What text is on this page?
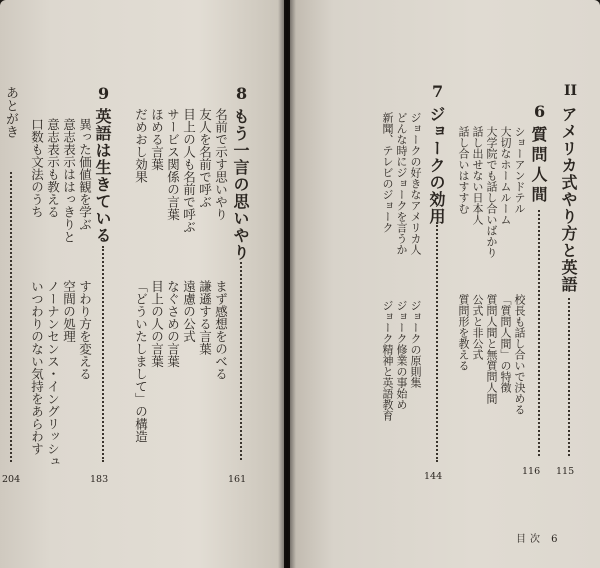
8
もう一言の思いやり
161
名前で示す思いやり
友人を名前で呼ぶ
目上の人も名前で呼ぶ
サービス関係の言葉
ほめる言葉
だめおし効果
まず感想をのべる
謙遜する言葉
遠慮の公式
なぐさめの言葉
目上の人の言葉
「どういたしまして」の構造
9
英語は生きている
183
異った価値観を学ぶ
意志表示ははっきりと
意志表示も教える
口数も文法のうち
すわり方を変える
空間の処理
ノーナンセンス・イングリッシュ
いつわりのない気持をあらわす
あとがき
204
II
アメリカ式やり方と英語
115
6
質問人間
116
ショーアンドテル
大切なホームルーム
大学院でも話し合いばかり
話し出せない日本人
話し合いはすすむ
校長も話し合いで決める
「質問人間」の特徴
質問人間と無質問人間
公式と非公式
質問形を教える
7
ジョークの効用
144
ジョークの好きなアメリカ人
どんな時にジョークを言うか
新聞、テレビのジョーク
ジョークの原則集
ジョーク修業の事始め
ジョーク精神と英語教育
目次 6
